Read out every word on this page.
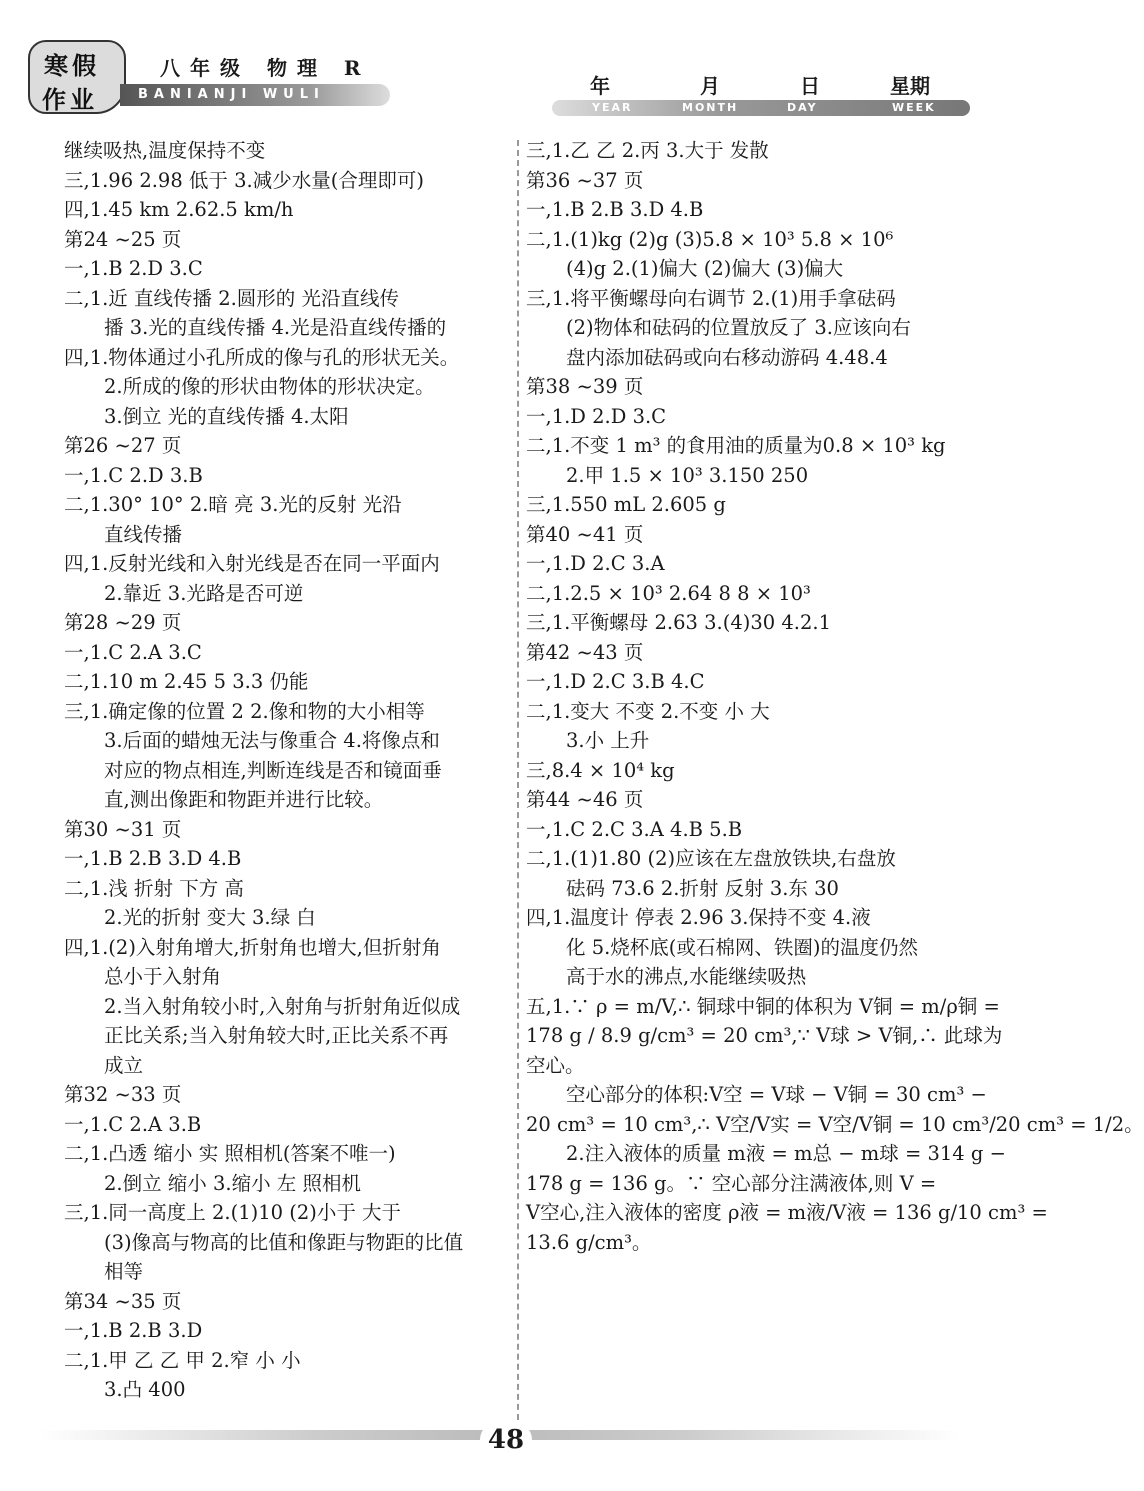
寒假
作业
八年级 物理 R
BANIANJI WULI	年	月	日	星期
YEAR	MONTH	DAY	WEEK
继续吸热,温度保持不变
三,1.96 2.98 低于 3.减少水量(合理即可)
四,1.45 km 2.62.5 km/h
第24 ~25 页
一,1.B 2.D 3.C
二,1.近 直线传播 2.圆形的 光沿直线传
播 3.光的直线传播 4.光是沿直线传播的
四,1.物体通过小孔所成的像与孔的形状无关。
2.所成的像的形状由物体的形状决定。
3.倒立 光的直线传播 4.太阳
第26 ~27 页
一,1.C 2.D 3.B
二,1.30° 10° 2.暗 亮 3.光的反射 光沿
直线传播
四,1.反射光线和入射光线是否在同一平面内
2.靠近 3.光路是否可逆
第28 ~29 页
一,1.C 2.A 3.C
二,1.10 m 2.45 5 3.3 仍能
三,1.确定像的位置 2 2.像和物的大小相等
3.后面的蜡烛无法与像重合 4.将像点和
对应的物点相连,判断连线是否和镜面垂
直,测出像距和物距并进行比较。
第30 ~31 页
一,1.B 2.B 3.D 4.B
二,1.浅 折射 下方 高
2.光的折射 变大 3.绿 白
四,1.(2)入射角增大,折射角也增大,但折射角
总小于入射角
2.当入射角较小时,入射角与折射角近似成
正比关系;当入射角较大时,正比关系不再
成立
第32 ~33 页
一,1.C 2.A 3.B
二,1.凸透 缩小 实 照相机(答案不唯一)
2.倒立 缩小 3.缩小 左 照相机
三,1.同一高度上 2.(1)10 (2)小于 大于
(3)像高与物高的比值和像距与物距的比值
相等
第34 ~35 页
一,1.B 2.B 3.D
二,1.甲 乙 乙 甲 2.窄 小 小
3.凸 400
三,1.乙 乙 2.丙 3.大于 发散
第36 ~37 页
一,1.B 2.B 3.D 4.B
二,1.(1)kg (2)g (3)5.8 × 10³ 5.8 × 10⁶
(4)g 2.(1)偏大 (2)偏大 (3)偏大
三,1.将平衡螺母向右调节 2.(1)用手拿砝码
(2)物体和砝码的位置放反了 3.应该向右
盘内添加砝码或向右移动游码 4.48.4
第38 ~39 页
一,1.D 2.D 3.C
二,1.不变 1 m³ 的食用油的质量为0.8 × 10³ kg
2.甲 1.5 × 10³ 3.150 250
三,1.550 mL 2.605 g
第40 ~41 页
一,1.D 2.C 3.A
二,1.2.5 × 10³ 2.64 8 8 × 10³
三,1.平衡螺母 2.63 3.(4)30 4.2.1
第42 ~43 页
一,1.D 2.C 3.B 4.C
二,1.变大 不变 2.不变 小 大
3.小 上升
三,8.4 × 10⁴ kg
第44 ~46 页
一,1.C 2.C 3.A 4.B 5.B
二,1.(1)1.80 (2)应该在左盘放铁块,右盘放
砝码 73.6 2.折射 反射 3.东 30
四,1.温度计 停表 2.96 3.保持不变 4.液
化 5.烧杯底(或石棉网、铁圈)的温度仍然
高于水的沸点,水能继续吸热
五,1.∵ ρ = m/V,∴ 铜球中铜的体积为 V铜 = m/ρ铜 =
178 g / 8.9 g/cm³ = 20 cm³,∵ V球 > V铜,∴ 此球为
空心。
空心部分的体积:V空 = V球 − V铜 = 30 cm³ −
20 cm³ = 10 cm³,∴ V空/V实 = V空/V铜 = 10 cm³/20 cm³ = 1/2。
2.注入液体的质量 m液 = m总 − m球 = 314 g −
178 g = 136 g。∵ 空心部分注满液体,则 V =
V空心,注入液体的密度 ρ液 = m液/V液 = 136 g/10 cm³ =
13.6 g/cm³。
48
